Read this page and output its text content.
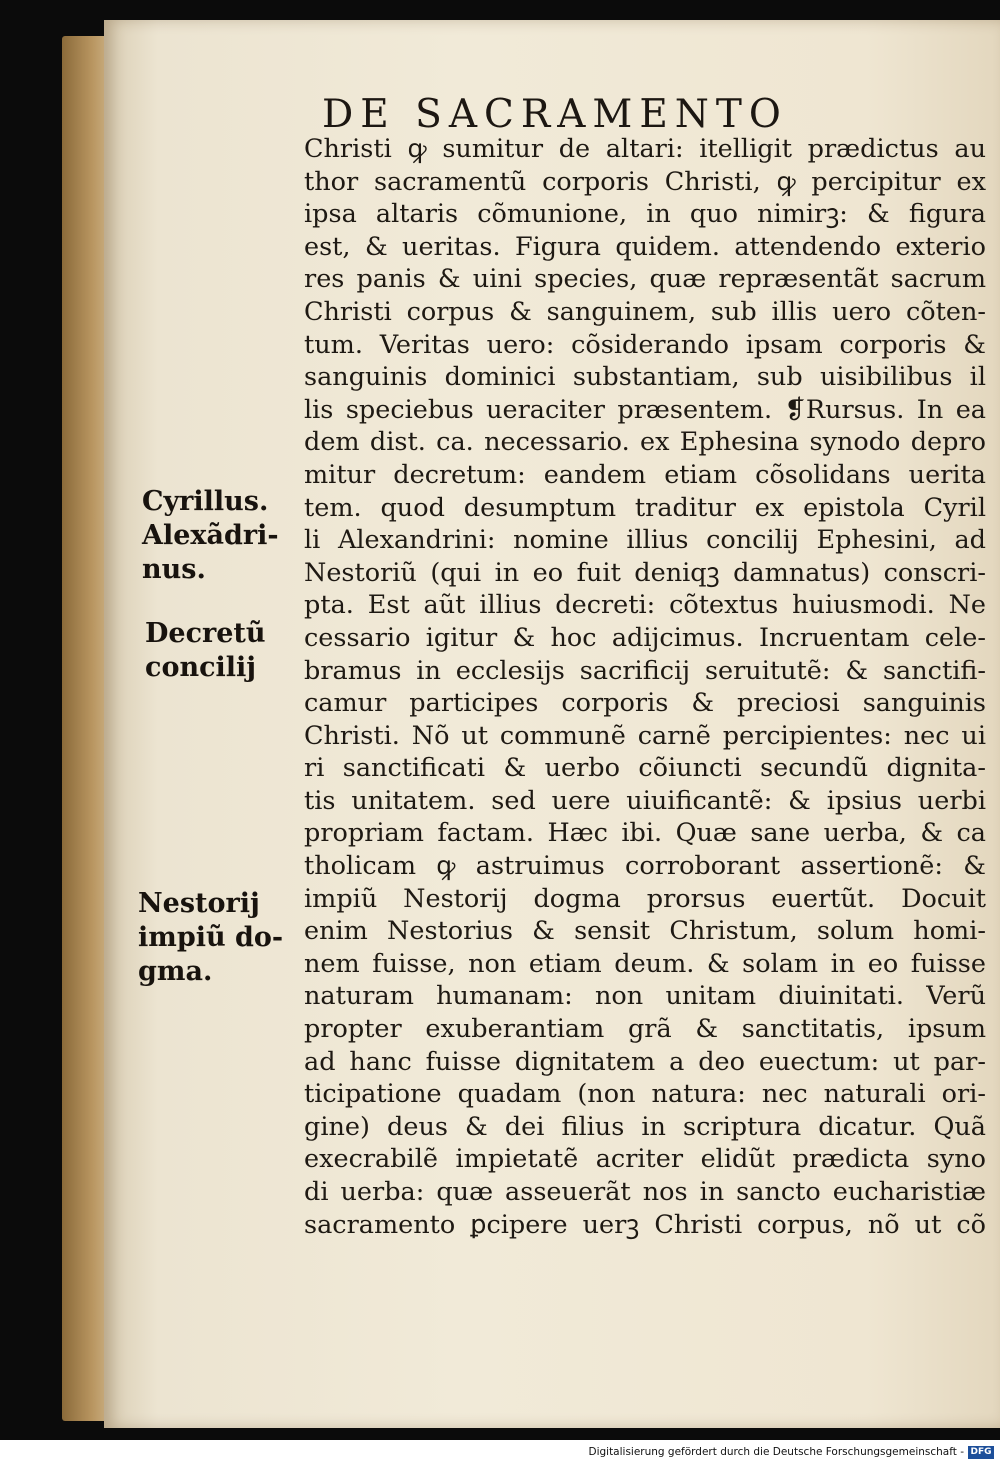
DE SACRAMENTO
Christi ꝙ sumitur de altari: itelligit prædictus au
thor sacramentũ corporis Christi, ꝙ percipitur ex
ipsa altaris cõmunione, in quo nimirꝫ: & figura
est, & ueritas. Figura quidem. attendendo exterio
res panis & uini species, quæ repræsentãt sacrum
Christi corpus & sanguinem, sub illis uero cõten-
tum. Veritas uero: cõsiderando ipsam corporis &
sanguinis dominici substantiam, sub uisibilibus il
lis speciebus ueraciter præsentem. ❡Rursus. In ea
dem dist. ca. necessario. ex Ephesina synodo depro
mitur decretum: eandem etiam cõsolidans uerita
tem. quod desumptum traditur ex epistola Cyril
li Alexandrini: nomine illius concilij Ephesini, ad
Nestoriũ (qui in eo fuit deniqꝫ damnatus) conscri-
pta. Est aũt illius decreti: cõtextus huiusmodi. Ne
cessario igitur & hoc adijcimus. Incruentam cele-
bramus in ecclesijs sacrificij seruitutẽ: & sanctifi-
camur participes corporis & preciosi sanguinis
Christi. Nõ ut communẽ carnẽ percipientes: nec ui
ri sanctificati & uerbo cõiuncti secundũ dignita-
tis unitatem. sed uere uiuificantẽ: & ipsius uerbi
propriam factam. Hæc ibi. Quæ sane uerba, & ca
tholicam ꝙ astruimus corroborant assertionẽ: &
impiũ Nestorij dogma prorsus euertũt. Docuit
enim Nestorius & sensit Christum, solum homi-
nem fuisse, non etiam deum. & solam in eo fuisse
naturam humanam: non unitam diuinitati. Verũ
propter exuberantiam grã & sanctitatis, ipsum
ad hanc fuisse dignitatem a deo euectum: ut par-
ticipatione quadam (non natura: nec naturali ori-
gine) deus & dei filius in scriptura dicatur. Quã
execrabilẽ impietatẽ acriter elidũt prædicta syno
di uerba: quæ asseuerãt nos in sancto eucharistiæ
sacramento ꝑcipere uerꝫ Christi corpus, nõ ut cõ
Cyrillus.
Alexãdri-
nus.
Decretũ
concilij
Nestorij
impiũ do-
gma.
Digitalisierung gefördert durch die Deutsche Forschungsgemeinschaft - DFG
